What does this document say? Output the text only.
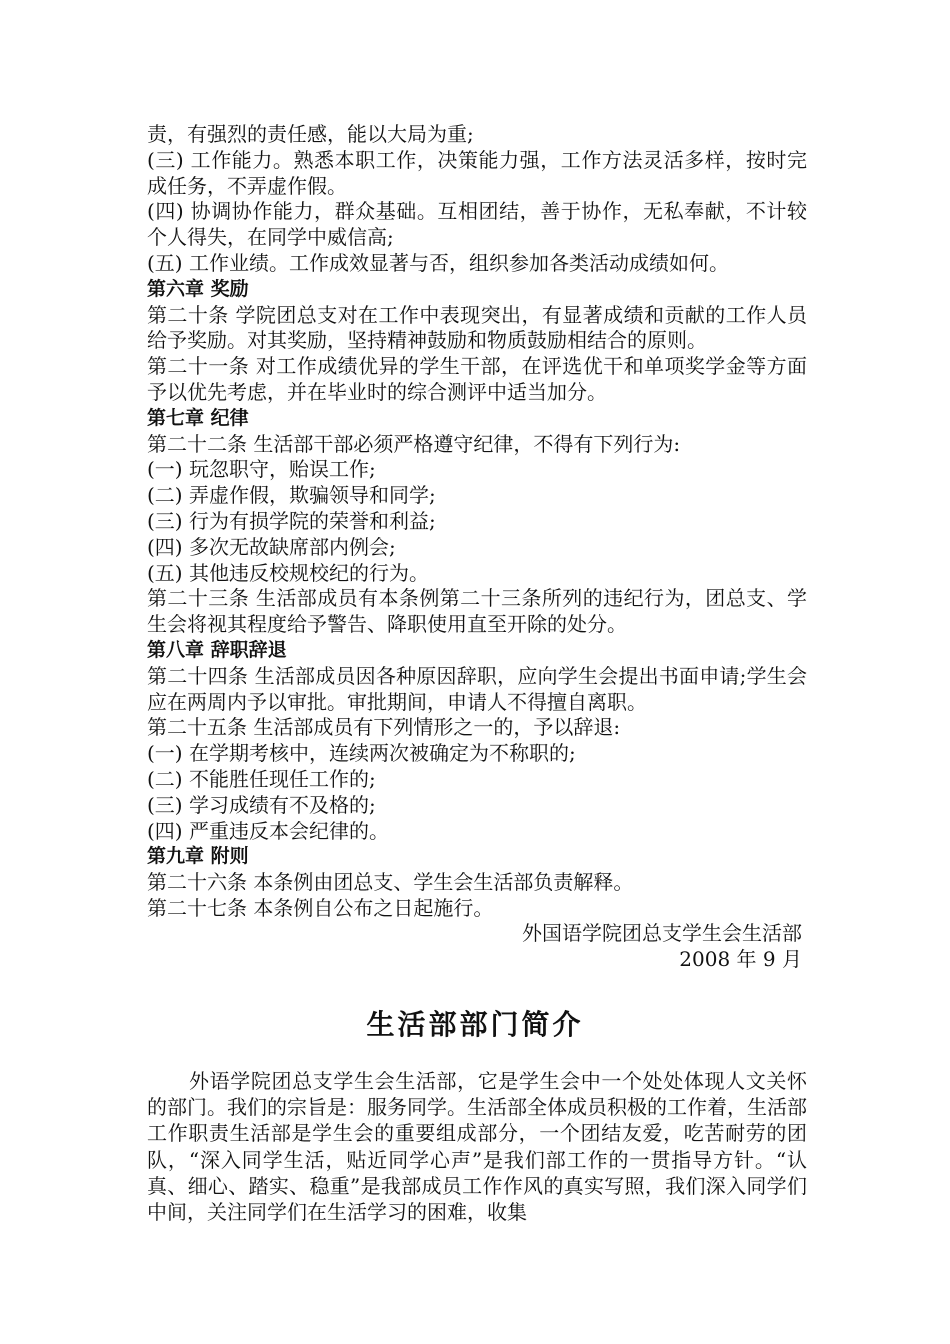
责，有强烈的责任感，能以大局为重;

(三) 工作能力。熟悉本职工作，决策能力强，工作方法灵活多样，按时完成任务，不弄虚作假。

(四) 协调协作能力，群众基础。互相团结，善于协作，无私奉献，不计较个人得失，在同学中威信高;

(五) 工作业绩。工作成效显著与否，组织参加各类活动成绩如何。

第六章 奖励

第二十条 学院团总支对在工作中表现突出，有显著成绩和贡献的工作人员给予奖励。对其奖励，坚持精神鼓励和物质鼓励相结合的原则。

第二十一条 对工作成绩优异的学生干部，在评选优干和单项奖学金等方面予以优先考虑，并在毕业时的综合测评中适当加分。

第七章 纪律

第二十二条 生活部干部必须严格遵守纪律，不得有下列行为:

(一) 玩忽职守，贻误工作;

(二) 弄虚作假，欺骗领导和同学;

(三) 行为有损学院的荣誉和利益;

(四) 多次无故缺席部内例会;

(五) 其他违反校规校纪的行为。

第二十三条 生活部成员有本条例第二十三条所列的违纪行为，团总支、学生会将视其程度给予警告、降职使用直至开除的处分。

第八章 辞职辞退

第二十四条 生活部成员因各种原因辞职，应向学生会提出书面申请;学生会应在两周内予以审批。审批期间，申请人不得擅自离职。

第二十五条 生活部成员有下列情形之一的，予以辞退:

(一) 在学期考核中，连续两次被确定为不称职的;

(二) 不能胜任现任工作的;

(三) 学习成绩有不及格的;

(四) 严重违反本会纪律的。

第九章 附则

第二十六条 本条例由团总支、学生会生活部负责解释。

第二十七条 本条例自公布之日起施行。

外国语学院团总支学生会生活部
2008 年 9 月
生活部部门简介

外语学院团总支学生会生活部，它是学生会中一个处处体现人文关怀的部门。我们的宗旨是：服务同学。生活部全体成员积极的工作着，生活部工作职责生活部是学生会的重要组成部分，一个团结友爱，吃苦耐劳的团队，“深入同学生活，贴近同学心声”是我们部工作的一贯指导方针。“认真、细心、踏实、稳重”是我部成员工作作风的真实写照，我们深入同学们中间，关注同学们在生活学习的困难，收集
